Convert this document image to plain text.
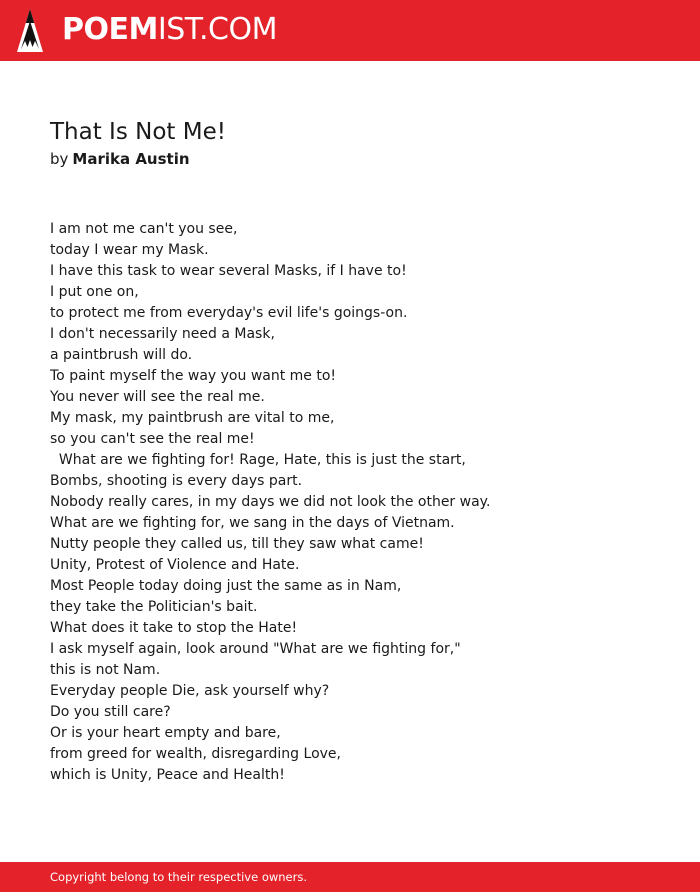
POEMIST.COM
That Is Not Me!
by Marika Austin
I am not me can't you see,
today I wear my Mask.
I have this task to wear several Masks, if I have to!
I put one on,
to protect me from everyday's evil life's goings-on.
I don't necessarily need a Mask,
a paintbrush will do.
To paint myself the way you want me to!
You never will see the real me.
My mask, my paintbrush are vital to me,
so you can't see the real me!
What are we fighting for! Rage, Hate, this is just the start,
Bombs, shooting is every days part.
Nobody really cares, in my days we did not look the other way.
What are we fighting for, we sang in the days of Vietnam.
Nutty people they called us, till they saw what came!
Unity, Protest of Violence and Hate.
Most People today doing just the same as in Nam,
they take the Politician's bait.
What does it take to stop the Hate!
I ask myself again, look around "What are we fighting for,"
this is not Nam.
Everyday people Die, ask yourself why?
Do you still care?
Or is your heart empty and bare,
from greed for wealth, disregarding Love,
which is Unity, Peace and Health!
Copyright belong to their respective owners.
